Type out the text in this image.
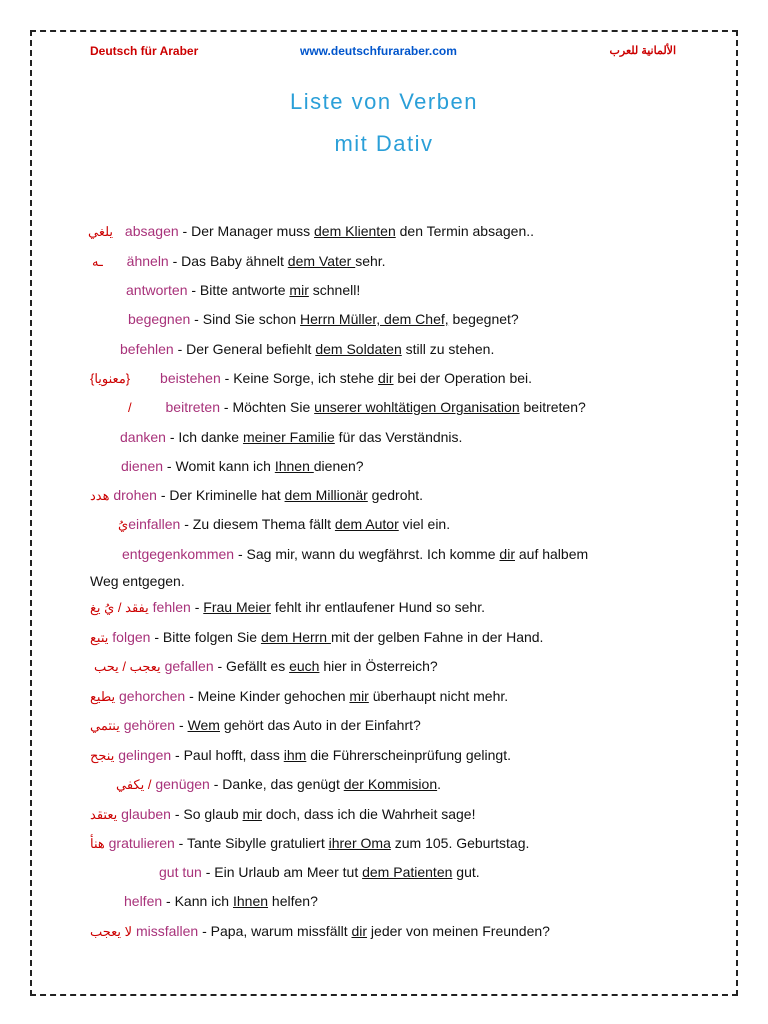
Deutsch für Araber	www.deutschfuraraber.com	الألمانية للعرب
Liste von Verben
mit Dativ
يلغي absagen - Der Manager muss dem Klienten den Termin absagen..
ـه ähneln - Das Baby ähnelt dem Vater sehr.
antworten - Bitte antworte mir schnell!
begegnen - Sind Sie schon Herrn Müller, dem Chef, begegnet?
befehlen - Der General befiehlt dem Soldaten still zu stehen.
{معنويا} beistehen - Keine Sorge, ich stehe dir bei der Operation bei.
/ beitreten - Möchten Sie unserer wohltätigen Organisation beitreten?
danken - Ich danke meiner Familie für das Verständnis.
dienen - Womit kann ich Ihnen dienen?
هدد drohen - Der Kriminelle hat dem Millionär gedroht.
يُeinfallen - Zu diesem Thema fällt dem Autor viel ein.
entgegenkommen - Sag mir, wann du wegfährst. Ich komme dir auf halbem
Weg entgegen.
يفقد / يُ يغ fehlen - Frau Meier fehlt ihr entlaufener Hund so sehr.
يتبع folgen - Bitte folgen Sie dem Herrn mit der gelben Fahne in der Hand.
يعجب / يحب gefallen - Gefällt es euch hier in Österreich?
يطيع gehorchen - Meine Kinder gehochen mir überhaupt nicht mehr.
ينتمي gehören - Wem gehört das Auto in der Einfahrt?
ينجح gelingen - Paul hofft, dass ihm die Führerscheinprüfung gelingt.
يكفي / genügen - Danke, das genügt der Kommision.
يعتقد glauben - So glaub mir doch, dass ich die Wahrheit sage!
هنأ gratulieren - Tante Sibylle gratuliert ihrer Oma zum 105. Geburtstag.
gut tun - Ein Urlaub am Meer tut dem Patienten gut.
helfen - Kann ich Ihnen helfen?
لا يعجب missfallen - Papa, warum missfällt dir jeder von meinen Freunden?
